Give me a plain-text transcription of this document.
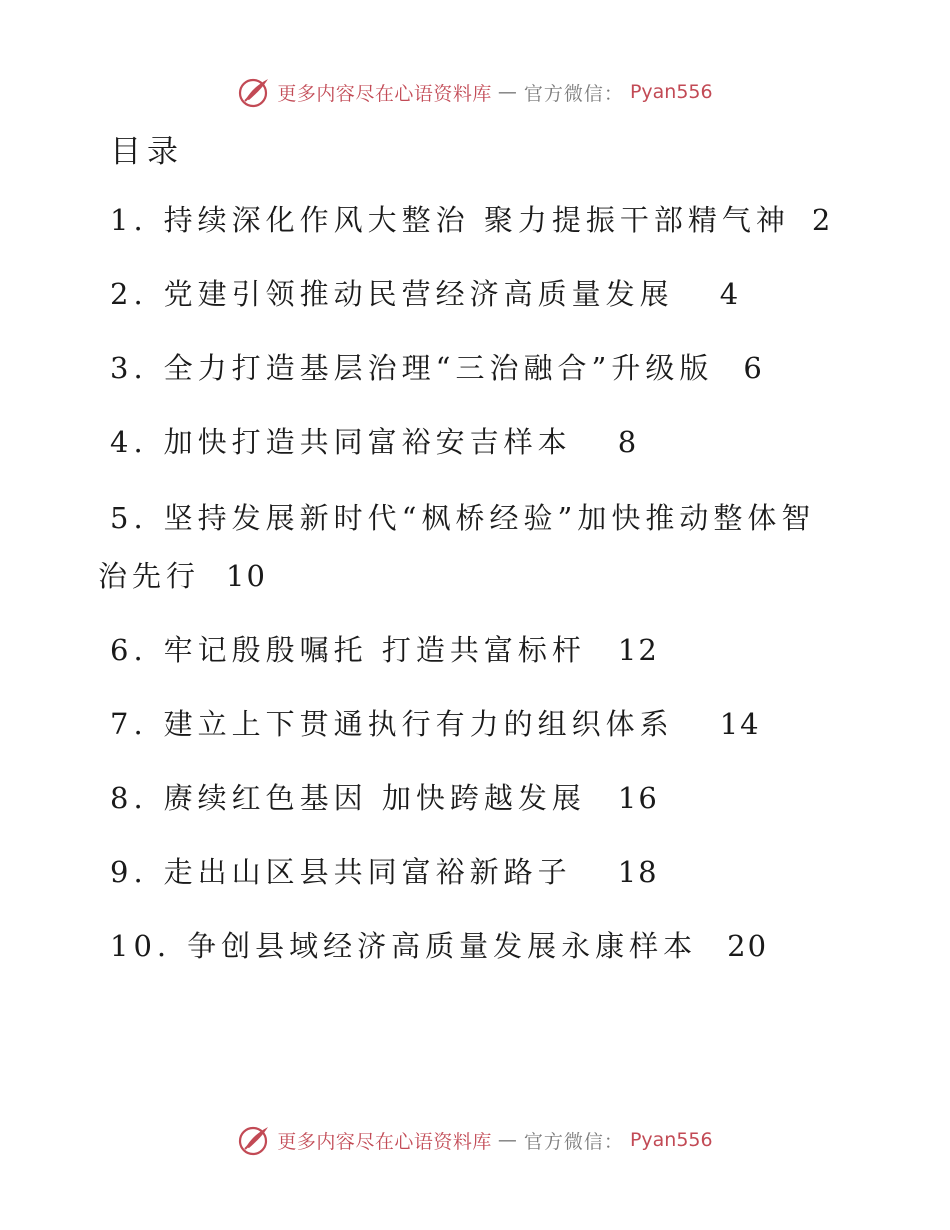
更多内容尽在心语资料库 — 官方微信： Pyan556
目录
1. 持续深化作风大整治 聚力提振干部精气神 2
2. 党建引领推动民营经济高质量发展 4
3. 全力打造基层治理“三治融合”升级版 6
4. 加快打造共同富裕安吉样本 8
5. 坚持发展新时代“枫桥经验”加快推动整体智
治先行 10
6. 牢记殷殷嘱托 打造共富标杆 12
7. 建立上下贯通执行有力的组织体系 14
8. 赓续红色基因 加快跨越发展 16
9. 走出山区县共同富裕新路子 18
10. 争创县域经济高质量发展永康样本 20
更多内容尽在心语资料库 — 官方微信： Pyan556
